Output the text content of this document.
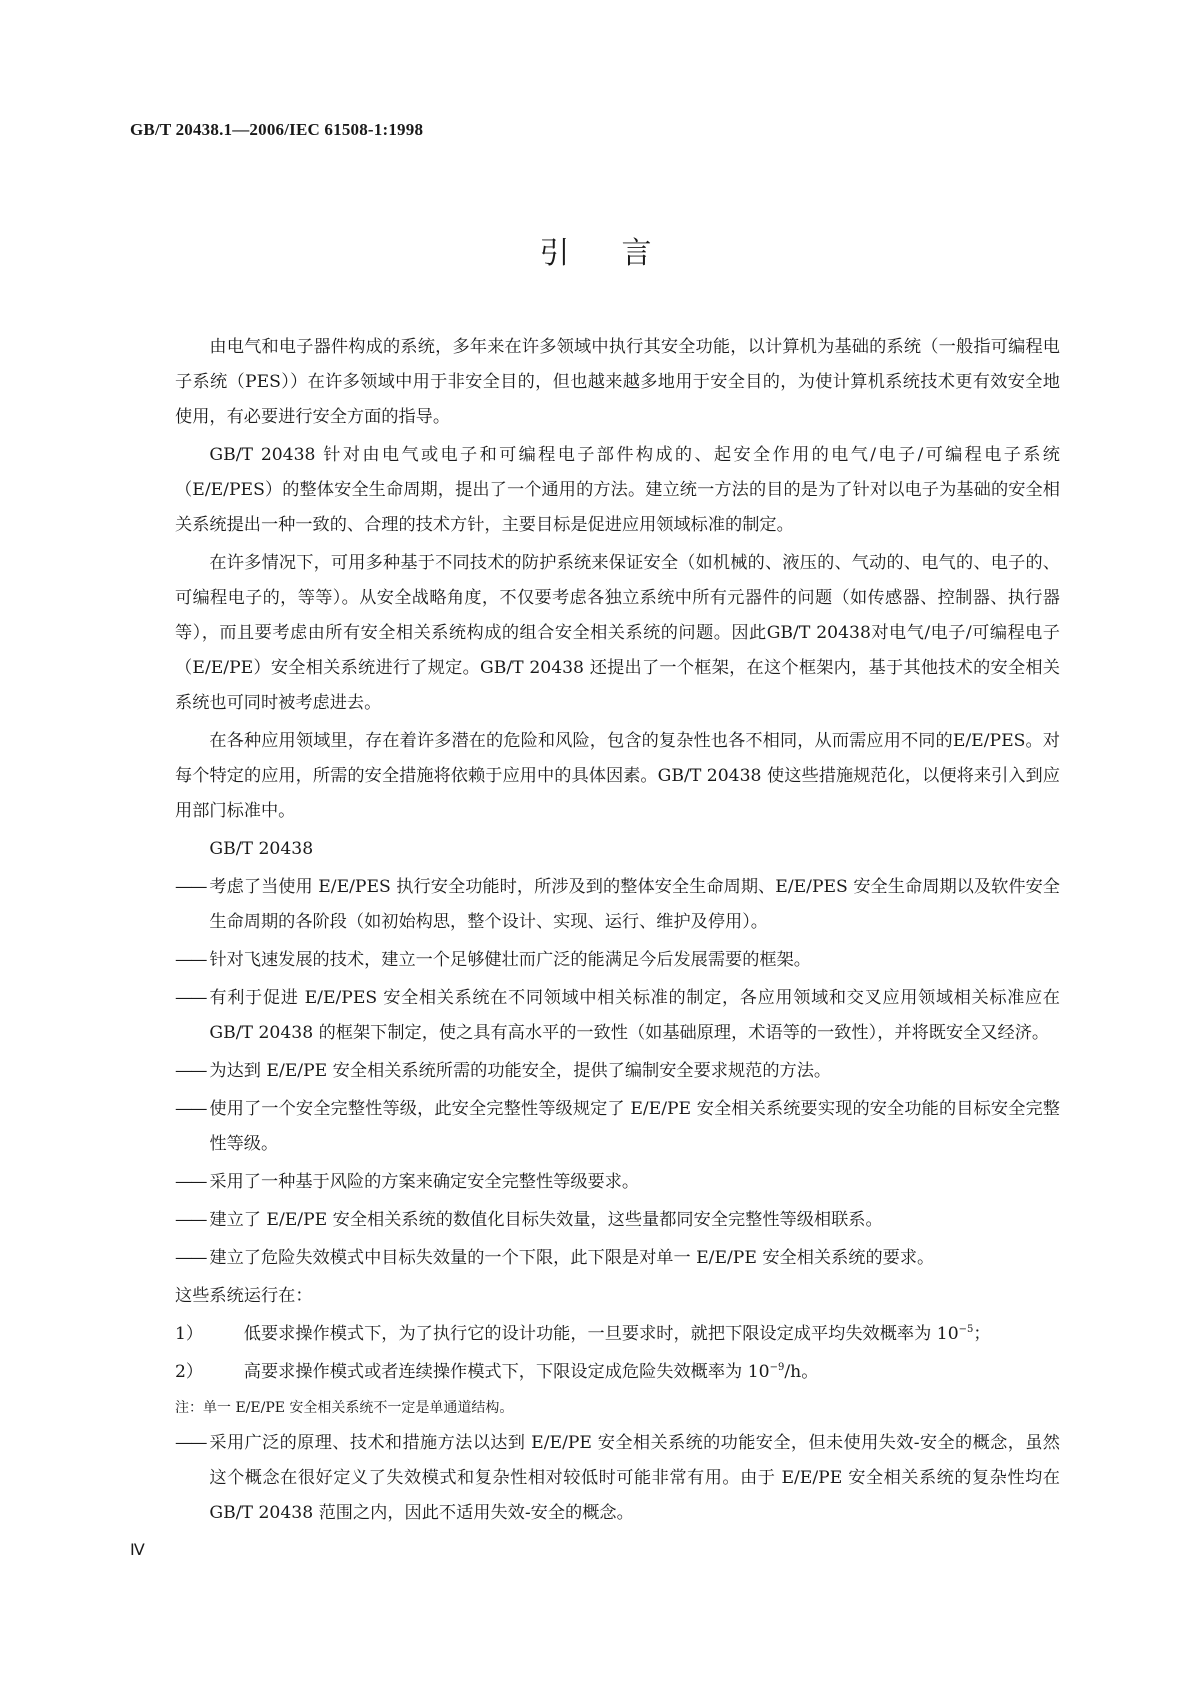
GB/T 20438.1—2006/IEC 61508-1:1998
引言

由电气和电子器件构成的系统，多年来在许多领域中执行其安全功能，以计算机为基础的系统（一般指可编程电子系统（PES））在许多领域中用于非安全目的，但也越来越多地用于安全目的，为使计算机系统技术更有效安全地使用，有必要进行安全方面的指导。

GB/T 20438 针对由电气或电子和可编程电子部件构成的、起安全作用的电气/电子/可编程电子系统（E/E/PES）的整体安全生命周期，提出了一个通用的方法。建立统一方法的目的是为了针对以电子为基础的安全相关系统提出一种一致的、合理的技术方针，主要目标是促进应用领域标准的制定。

在许多情况下，可用多种基于不同技术的防护系统来保证安全（如机械的、液压的、气动的、电气的、电子的、可编程电子的，等等）。从安全战略角度，不仅要考虑各独立系统中所有元器件的问题（如传感器、控制器、执行器等），而且要考虑由所有安全相关系统构成的组合安全相关系统的问题。因此GB/T 20438对电气/电子/可编程电子（E/E/PE）安全相关系统进行了规定。GB/T 20438 还提出了一个框架，在这个框架内，基于其他技术的安全相关系统也可同时被考虑进去。

在各种应用领域里，存在着许多潜在的危险和风险，包含的复杂性也各不相同，从而需应用不同的E/E/PES。对每个特定的应用，所需的安全措施将依赖于应用中的具体因素。GB/T 20438 使这些措施规范化，以便将来引入到应用部门标准中。

GB/T 20438

—— 考虑了当使用 E/E/PES 执行安全功能时，所涉及到的整体安全生命周期、E/E/PES 安全生命周期以及软件安全生命周期的各阶段（如初始构思，整个设计、实现、运行、维护及停用）。
—— 针对飞速发展的技术，建立一个足够健壮而广泛的能满足今后发展需要的框架。
—— 有利于促进 E/E/PES 安全相关系统在不同领域中相关标准的制定，各应用领域和交叉应用领域相关标准应在 GB/T 20438 的框架下制定，使之具有高水平的一致性（如基础原理，术语等的一致性），并将既安全又经济。
—— 为达到 E/E/PE 安全相关系统所需的功能安全，提供了编制安全要求规范的方法。
—— 使用了一个安全完整性等级，此安全完整性等级规定了 E/E/PE 安全相关系统要实现的安全功能的目标安全完整性等级。
—— 采用了一种基于风险的方案来确定安全完整性等级要求。
—— 建立了 E/E/PE 安全相关系统的数值化目标失效量，这些量都同安全完整性等级相联系。
—— 建立了危险失效模式中目标失效量的一个下限，此下限是对单一 E/E/PE 安全相关系统的要求。

这些系统运行在：

1）	低要求操作模式下，为了执行它的设计功能，一旦要求时，就把下限设定成平均失效概率为 $10^{-5}$；
2）	高要求操作模式或者连续操作模式下，下限设定成危险失效概率为 $10^{-9}/h$。

注：单一 E/E/PE 安全相关系统不一定是单通道结构。

—— 采用广泛的原理、技术和措施方法以达到 E/E/PE 安全相关系统的功能安全，但未使用失效-安全的概念，虽然这个概念在很好定义了失效模式和复杂性相对较低时可能非常有用。由于 E/E/PE 安全相关系统的复杂性均在 GB/T 20438 范围之内，因此不适用失效-安全的概念。
Ⅳ
